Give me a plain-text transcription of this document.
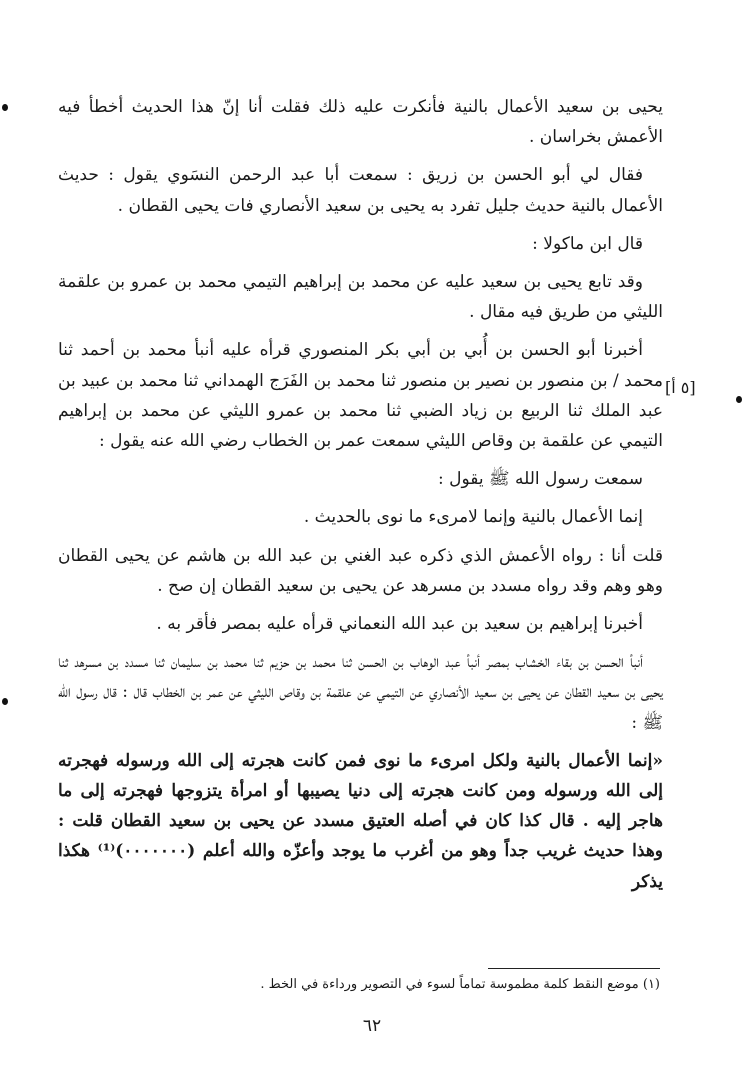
[٥ أ]

يحيى بن سعيد الأعمال بالنية فأنكرت عليه ذلك فقلت أنا إنّ هذا الحديث أخطأ فيه الأعمش بخراسان .

فقال لي أبو الحسن بن زريق : سمعت أبا عبد الرحمن النسَوي يقول : حديث الأعمال بالنية حديث جليل تفرد به يحيى بن سعيد الأنصاري فات يحيى القطان .

قال ابن ماكولا :

وقد تابع يحيى بن سعيد عليه عن محمد بن إبراهيم التيمي محمد بن عمرو بن علقمة الليثي من طريق فيه مقال .

أخبرنا أبو الحسن بن أُبي بن أبي بكر المنصوري قرأه عليه أنبأ محمد بن أحمد ثنا محمد / بن منصور بن نصير بن منصور ثنا محمد بن الفَرَج الهمداني ثنا محمد بن عبيد بن عبد الملك ثنا الربيع بن زياد الضبي ثنا محمد بن عمرو الليثي عن محمد بن إبراهيم التيمي عن علقمة بن وقاص الليثي سمعت عمر بن الخطاب رضي الله عنه يقول :

سمعت رسول الله ﷺ يقول :

إنما الأعمال بالنية وإنما لامرىء ما نوى بالحديث .

قلت أنا : رواه الأعمش الذي ذكره عبد الغني بن عبد الله بن هاشم عن يحيى القطان وهو وهم وقد رواه مسدد بن مسرهد عن يحيى بن سعيد القطان إن صح .

أخبرنا إبراهيم بن سعيد بن عبد الله النعماني قرأه عليه بمصر فأقر به .

أنبأ الحسن بن بقاء الخشاب بمصر أنبأ عبد الوهاب بن الحسن ثنا محمد بن حزيم ثنا محمد بن سليمان ثنا مسدد بن مسرهد ثنا يحيى بن سعيد القطان عن يحيى بن سعيد الأنصاري عن التيمي عن علقمة بن وقاص الليثي عن عمر بن الخطاب قال : قال رسول الله ﷺ :

«إنما الأعمال بالنية ولكل امرىء ما نوى فمن كانت هجرته إلى الله ورسوله فهجرته إلى الله ورسوله ومن كانت هجرته إلى دنيا يصيبها أو امرأة يتزوجها فهجرته إلى ما هاجر إليه . قال كذا كان في أصله العتيق مسدد عن يحيى بن سعيد القطان قلت : وهذا حديث غريب جداً وهو من أغرب ما يوجد وأعزّه والله أعلم (٠٠٠٠٠٠٠)⁽¹⁾ هكذا يذكر

(١) موضع النقط كلمة مطموسة تماماً لسوء في التصوير ورداءة في الخط .
٦٢
